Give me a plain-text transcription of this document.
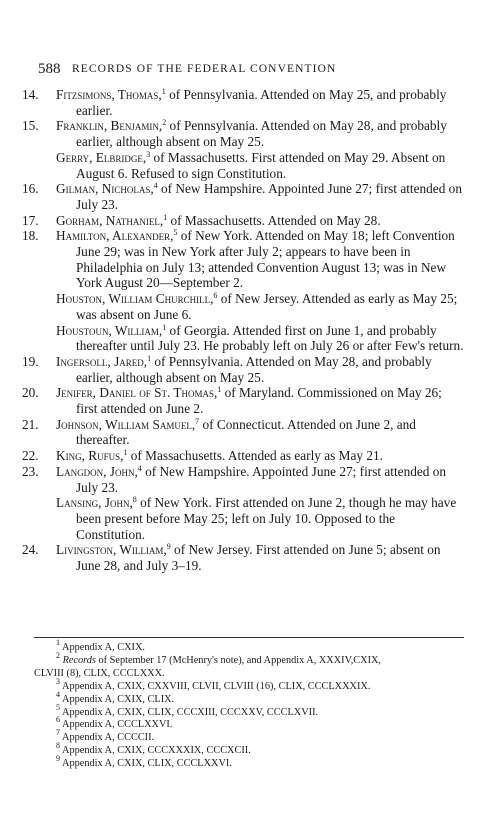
588 RECORDS OF THE FEDERAL CONVENTION

14.	Fitzsimons, Thomas,$^1$ of Pennsylvania. Attended on May 25, and probably earlier.

15.	Franklin, Benjamin,$^2$ of Pennsylvania. Attended on May 28, and probably earlier, although absent on May 25.

Gerry, Elbridge,$^3$ of Massachusetts. First attended on May 29. Absent on August 6. Refused to sign Constitution.

16.	Gilman, Nicholas,$^4$ of New Hampshire. Appointed June 27; first attended on July 23.

17.	Gorham, Nathaniel,$^1$ of Massachusetts. Attended on May 28.

18.	Hamilton, Alexander,$^5$ of New York. Attended on May 18; left Convention June 29; was in New York after July 2; appears to have been in Philadelphia on July 13; attended Convention August 13; was in New York August 20—September 2.

Houston, William Churchill,$^6$ of New Jersey. Attended as early as May 25; was absent on June 6.

Houstoun, William,$^1$ of Georgia. Attended first on June 1, and probably thereafter until July 23. He probably left on July 26 or after Few's return.

19.	Ingersoll, Jared,$^1$ of Pennsylvania. Attended on May 28, and probably earlier, although absent on May 25.

20.	Jenifer, Daniel of St. Thomas,$^1$ of Maryland. Commissioned on May 26; first attended on June 2.

21.	Johnson, William Samuel,$^7$ of Connecticut. Attended on June 2, and thereafter.

22.	King, Rufus,$^1$ of Massachusetts. Attended as early as May 21.

23.	Langdon, John,$^4$ of New Hampshire. Appointed June 27; first attended on July 23.

Lansing, John,$^8$ of New York. First attended on June 2, though he may have been present before May 25; left on July 10. Opposed to the Constitution.

24.	Livingston, William,$^9$ of New Jersey. First attended on June 5; absent on June 28, and July 3–19.

$^1$ Appendix A, CXIX.

$^2$ Records of September 17 (McHenry's note), and Appendix A, XXXIV,CXIX,

CLVIII (8), CLIX, CCCLXXX.

$^3$ Appendix A, CXIX, CXXVIII, CLVII, CLVIII (16), CLIX, CCCLXXXIX.

$^4$ Appendix A, CXIX, CLIX.

$^5$ Appendix A, CXIX, CLIX, CCCXIII, CCCXXV, CCCLXVII.

$^6$ Appendix A, CCCLXXVI.

$^7$ Appendix A, CCCCII.

$^8$ Appendix A, CXIX, CCCXXXIX, CCCXCII.

$^9$ Appendix A, CXIX, CLIX, CCCLXXVI.
